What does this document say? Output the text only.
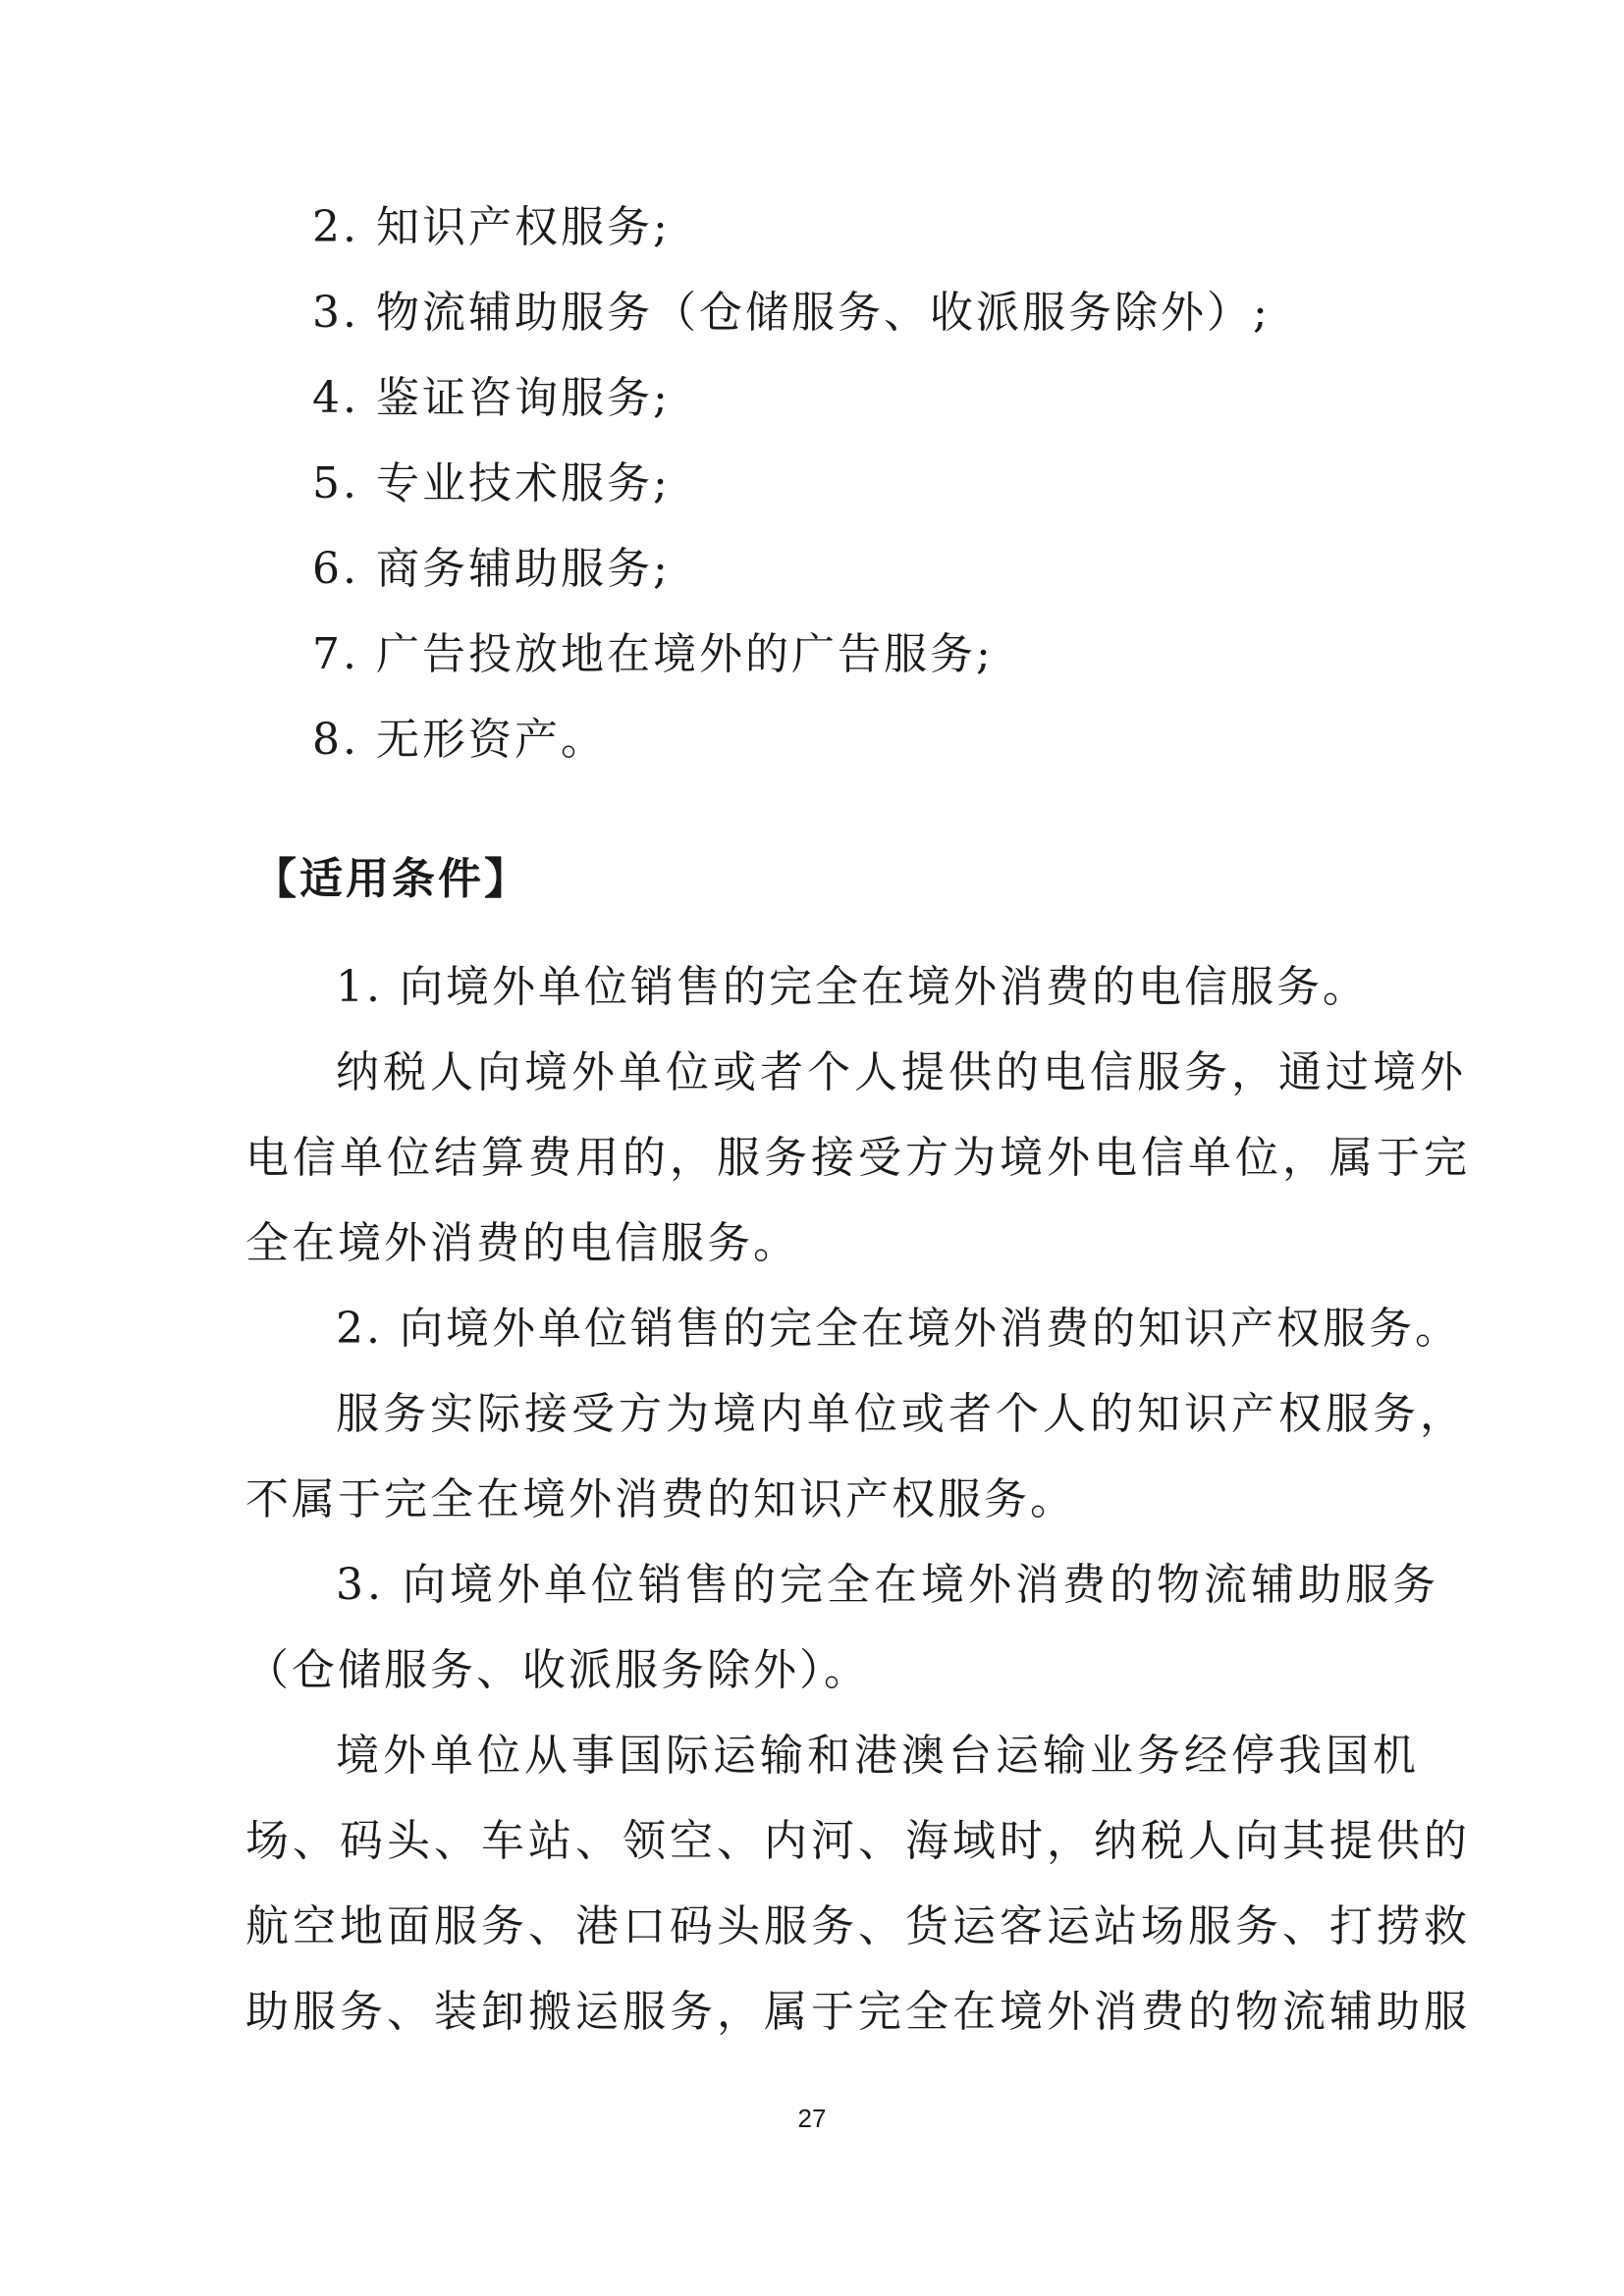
2. 知识产权服务;
3. 物流辅助服务（仓储服务、收派服务除外）;
4. 鉴证咨询服务;
5. 专业技术服务;
6. 商务辅助服务;
7. 广告投放地在境外的广告服务;
8. 无形资产。
【适用条件】
1. 向境外单位销售的完全在境外消费的电信服务。
纳税人向境外单位或者个人提供的电信服务，通过境外
电信单位结算费用的，服务接受方为境外电信单位，属于完
全在境外消费的电信服务。
2. 向境外单位销售的完全在境外消费的知识产权服务。
服务实际接受方为境内单位或者个人的知识产权服务，
不属于完全在境外消费的知识产权服务。
3. 向境外单位销售的完全在境外消费的物流辅助服务
（仓储服务、收派服务除外）。
境外单位从事国际运输和港澳台运输业务经停我国机
场、码头、车站、领空、内河、海域时，纳税人向其提供的
航空地面服务、港口码头服务、货运客运站场服务、打捞救
助服务、装卸搬运服务，属于完全在境外消费的物流辅助服
27
